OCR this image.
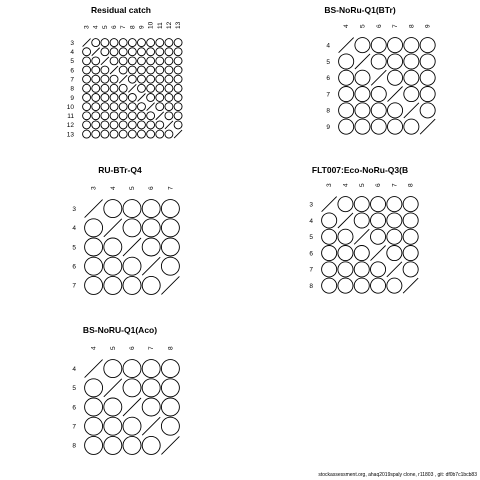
Residual catch
3 4 5 6 7 8 9 10 11 12 13
3
4
5
6
7
8
9
10
11
12
13
BS-NoRu-Q1(BTr)
4 5 6 7 8 9
4
5
6
7
8
9
RU-BTr-Q4
3 4 5 6 7
3
4
5
6
7
FLT007:Eco-NoRu-Q3(B
3 4 5 6 7 8
3
4
5
6
7
8
BS-NoRU-Q1(Aco)
4 5 6 7 8
4
5
6
7
8
stockassessment.org, ahaq2019spaly clone, r11803 , git: df0b7c1bcb83
